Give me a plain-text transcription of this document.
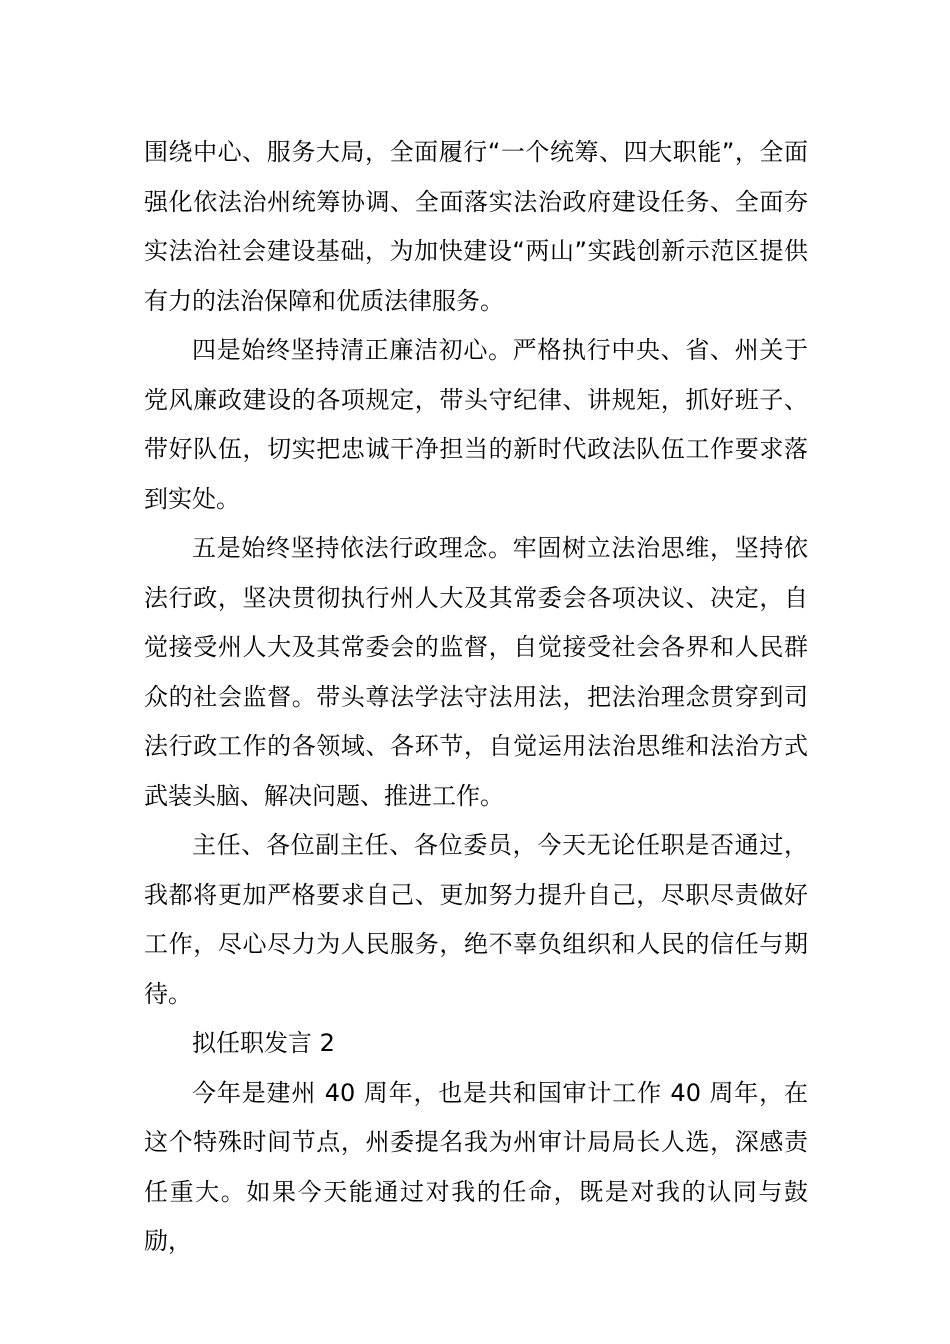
围绕中心、服务大局，全面履行“一个统筹、四大职能”，全面强化依法治州统筹协调、全面落实法治政府建设任务、全面夯实法治社会建设基础，为加快建设“两山”实践创新示范区提供有力的法治保障和优质法律服务。

四是始终坚持清正廉洁初心。严格执行中央、省、州关于党风廉政建设的各项规定，带头守纪律、讲规矩，抓好班子、带好队伍，切实把忠诚干净担当的新时代政法队伍工作要求落到实处。

五是始终坚持依法行政理念。牢固树立法治思维，坚持依法行政，坚决贯彻执行州人大及其常委会各项决议、决定，自觉接受州人大及其常委会的监督，自觉接受社会各界和人民群众的社会监督。带头尊法学法守法用法，把法治理念贯穿到司法行政工作的各领域、各环节，自觉运用法治思维和法治方式武装头脑、解决问题、推进工作。

主任、各位副主任、各位委员，今天无论任职是否通过，我都将更加严格要求自己、更加努力提升自己，尽职尽责做好工作，尽心尽力为人民服务，绝不辜负组织和人民的信任与期待。

拟任职发言 2

今年是建州 40 周年，也是共和国审计工作 40 周年，在这个特殊时间节点，州委提名我为州审计局局长人选，深感责任重大。如果今天能通过对我的任命，既是对我的认同与鼓励，
